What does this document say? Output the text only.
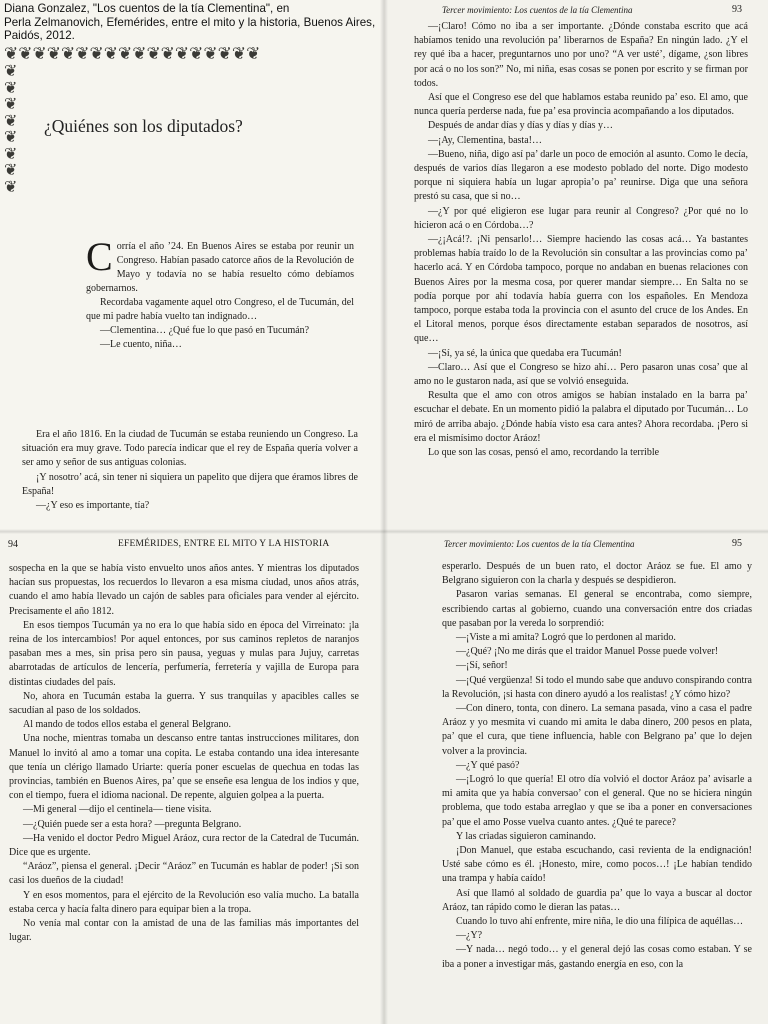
Diana Gonzalez, "Los cuentos de la tía Clementina", en
Perla Zelmanovich, Efemérides, entre el mito y la historia, Buenos Aires,
Paidós, 2012.
❦❦❦❦❦❦❦❦❦❦❦❦❦❦❦❦❦❦
❦
❦
❦
❦
❦
❦
❦
❦
¿Quiénes son los diputados?

Corría el año ’24. En Buenos Aires se estaba por reunir un Congreso. Habían pasado catorce años de la Revolución de Mayo y todavía no se había resuelto cómo debíamos gobernarnos.

Recordaba vagamente aquel otro Congreso, el de Tucumán, del que mi padre había vuelto tan indignado…

—Clementina… ¿Qué fue lo que pasó en Tucumán?

—Le cuento, niña…

Era el año 1816. En la ciudad de Tucumán se estaba reuniendo un Congreso. La situación era muy grave. Todo parecía indicar que el rey de España quería volver a ser amo y señor de sus antiguas colonias.

¡Y nosotro’ acá, sin tener ni siquiera un papelito que dijera que éramos libres de España!

—¿Y eso es importante, tía?

Tercer movimiento: Los cuentos de la tía Clementina	93

—¡Claro! Cómo no iba a ser importante. ¿Dónde constaba escrito que acá habíamos tenido una revolución pa’ liberarnos de España? En ningún lado. ¿Y el rey qué iba a hacer, preguntarnos uno por uno? “A ver usté’, dígame, ¿son libres por acá o no los son?” No, mi niña, esas cosas se ponen por escrito y se firman por todos.

Así que el Congreso ese del que hablamos estaba reunido pa’ eso. El amo, que nunca quería perderse nada, fue pa’ esa provincia acompañando a los diputados.

Después de andar días y días y días y días y…

—¡Ay, Clementina, basta!…

—Bueno, niña, digo así pa’ darle un poco de emoción al asunto. Como le decía, después de varios días llegaron a ese modesto poblado del norte. Digo modesto porque ni siquiera había un lugar apropia’o pa’ reunirse. Diga que una señora prestó su casa, que si no…

—¿Y por qué eligieron ese lugar para reunir al Congreso? ¿Por qué no lo hicieron acá o en Córdoba…?

—¿¡Acá!?. ¡Ni pensarlo!… Siempre haciendo las cosas acá… Ya bastantes problemas había traído lo de la Revolución sin consultar a las provincias como pa’ hacerlo acá. Y en Córdoba tampoco, porque no andaban en buenas relaciones con Buenos Aires por la mesma cosa, por querer mandar siempre… En Salta no se podía porque por ahí todavía había guerra con los españoles. En Mendoza tampoco, porque estaba toda la provincia con el asunto del cruce de los Andes. En el Litoral menos, porque ésos directamente estaban separados de nosotros, así que…

—¡Sí, ya sé, la única que quedaba era Tucumán!

—Claro… Así que el Congreso se hizo ahí… Pero pasaron unas cosa’ que al amo no le gustaron nada, así que se volvió enseguida.

Resulta que el amo con otros amigos se habían instalado en la barra pa’ escuchar el debate. En un momento pidió la palabra el diputado por Tucumán… Lo miró de arriba abajo. ¿Dónde había visto esa cara antes? Ahora recordaba. ¡Pero si era el mismísimo doctor Aráoz!

Lo que son las cosas, pensó el amo, recordando la terrible

94	EFEMÉRIDES, ENTRE EL MITO Y LA HISTORIA

sospecha en la que se había visto envuelto unos años antes. Y mientras los diputados hacían sus propuestas, los recuerdos lo llevaron a esa misma ciudad, unos años atrás, cuando el amo había llevado un cajón de sables para oficiales para vender al ejército. Precisamente el año 1812.

En esos tiempos Tucumán ya no era lo que había sido en época del Virreinato: ¡la reina de los intercambios! Por aquel entonces, por sus caminos repletos de naranjos pasaban mes a mes, sin prisa pero sin pausa, yeguas y mulas para Jujuy, carretas abarrotadas de artículos de lencería, perfumería, ferretería y vajilla de Europa para distintas ciudades del país.

No, ahora en Tucumán estaba la guerra. Y sus tranquilas y apacibles calles se sacudían al paso de los soldados.

Al mando de todos ellos estaba el general Belgrano.

Una noche, mientras tomaba un descanso entre tantas instrucciones militares, don Manuel lo invitó al amo a tomar una copita. Le estaba contando una idea interesante que tenía un clérigo llamado Uriarte: quería poner escuelas de quechua en todas las provincias, también en Buenos Aires, pa’ que se enseñe esa lengua de los indios y que, con el tiempo, fuera el idioma nacional. De repente, alguien golpea a la puerta.

—Mi general —dijo el centinela— tiene visita.

—¿Quién puede ser a esta hora? —pregunta Belgrano.

—Ha venido el doctor Pedro Miguel Aráoz, cura rector de la Catedral de Tucumán. Dice que es urgente.

“Aráoz”, piensa el general. ¡Decir “Aráoz” en Tucumán es hablar de poder! ¡Si son casi los dueños de la ciudad!

Y en esos momentos, para el ejército de la Revolución eso valía mucho. La batalla estaba cerca y hacía falta dinero para equipar bien a la tropa.

No venía mal contar con la amistad de una de las familias más importantes del lugar.

Tercer movimiento: Los cuentos de la tía Clementina	95

esperarlo. Después de un buen rato, el doctor Aráoz se fue. El amo y Belgrano siguieron con la charla y después se despidieron.

Pasaron varias semanas. El general se encontraba, como siempre, escribiendo cartas al gobierno, cuando una conversación entre dos criadas que pasaban por la vereda lo sorprendió:

—¡Viste a mi amita? Logró que lo perdonen al marido.

—¿Qué? ¡No me dirás que el traidor Manuel Posse puede volver!

—¡Sí, señor!

—¡Qué vergüenza! Si todo el mundo sabe que anduvo conspirando contra la Revolución, ¡si hasta con dinero ayudó a los realistas! ¿Y cómo hizo?

—Con dinero, tonta, con dinero. La semana pasada, vino a casa el padre Aráoz y yo mesmita vi cuando mi amita le daba dinero, 200 pesos en plata, pa’ que el cura, que tiene influencia, hable con Belgrano pa’ que lo dejen volver a la provincia.

—¿Y qué pasó?

—¡Logró lo que quería! El otro día volvió el doctor Aráoz pa’ avisarle a mi amita que ya había conversao’ con el general. Que no se hiciera ningún problema, que todo estaba arreglao y que se iba a poner en conversaciones pa’ que el amo Posse vuelva cuanto antes. ¿Qué te parece?

Y las criadas siguieron caminando.

¡Don Manuel, que estaba escuchando, casi revienta de la endignación! Usté sabe cómo es él. ¡Honesto, mire, como pocos…! ¡Le habían tendido una trampa y había caído!

Así que llamó al soldado de guardia pa’ que lo vaya a buscar al doctor Aráoz, tan rápido como le dieran las patas…

Cuando lo tuvo ahí enfrente, mire niña, le dio una filípica de aquéllas…

—¿Y?

—Y nada… negó todo… y el general dejó las cosas como estaban. Y se iba a poner a investigar más, gastando energía en eso, con la
